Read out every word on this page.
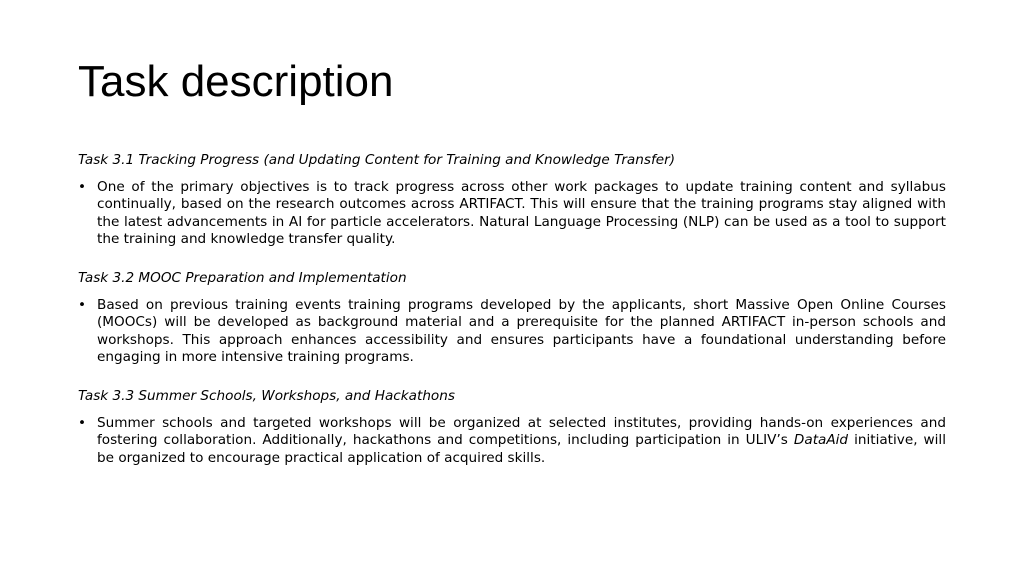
Task description

Task 3.1 Tracking Progress (and Updating Content for Training and Knowledge Transfer)

• One of the primary objectives is to track progress across other work packages to update training content and syllabus continually, based on the research outcomes across ARTIFACT. This will ensure that the training programs stay aligned with the latest advancements in AI for particle accelerators. Natural Language Processing (NLP) can be used as a tool to support the training and knowledge transfer quality.

Task 3.2 MOOC Preparation and Implementation

• Based on previous training events training programs developed by the applicants, short Massive Open Online Courses (MOOCs) will be developed as background material and a prerequisite for the planned ARTIFACT in-person schools and workshops. This approach enhances accessibility and ensures participants have a foundational understanding before engaging in more intensive training programs.

Task 3.3 Summer Schools, Workshops, and Hackathons

• Summer schools and targeted workshops will be organized at selected institutes, providing hands-on experiences and fostering collaboration. Additionally, hackathons and competitions, including participation in ULIV’s DataAid initiative, will be organized to encourage practical application of acquired skills.
